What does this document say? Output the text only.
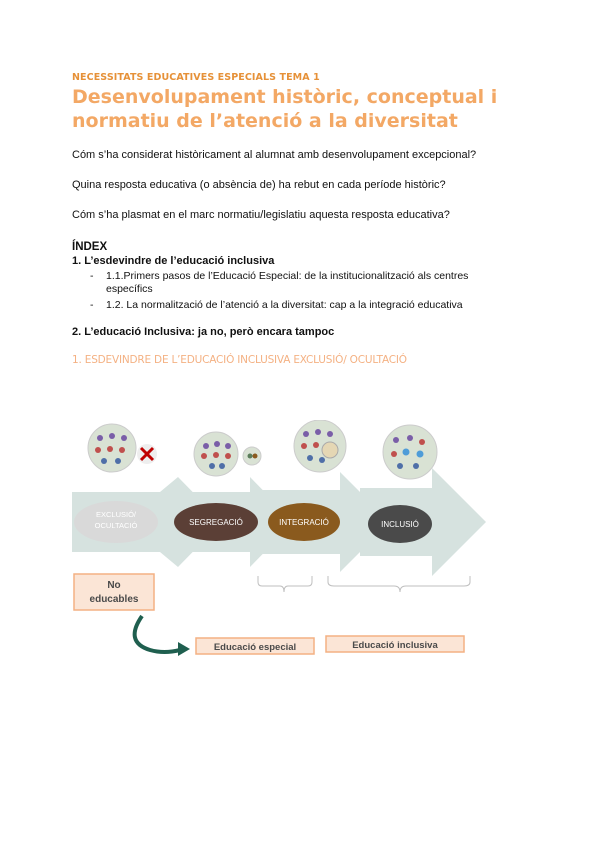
NECESSITATS EDUCATIVES ESPECIALS TEMA 1
Desenvolupament històric, conceptual i
normatiu de l’atenció a la diversitat

Cóm s’ha considerat històricament al alumnat amb desenvolupament excepcional?

Quina resposta educativa (o absència de) ha rebut en cada període històric?

Cóm s’ha plasmat en el marc normatiu/legislatiu aquesta resposta educativa?

ÍNDEX
1. L’esdevindre de l’educació inclusiva
- 1.1.Primers pasos de l’Educació Especial: de la institucionalització als centres
específics
- 1.2. La normalització de l’atenció a la diversitat: cap a la integració educativa
2. L’educació Inclusiva: ja no, però encara tampoc
1. ESDEVINDRE DE L’EDUCACIÓ INCLUSIVA EXCLUSIÓ/ OCULTACIÓ
EXCLUSIÓ/
OCULTACIÓ	SEGREGACIÓ	INTEGRACIÓ	INCLUSIÓ
No
educables
Educació especial	Educació inclusiva
